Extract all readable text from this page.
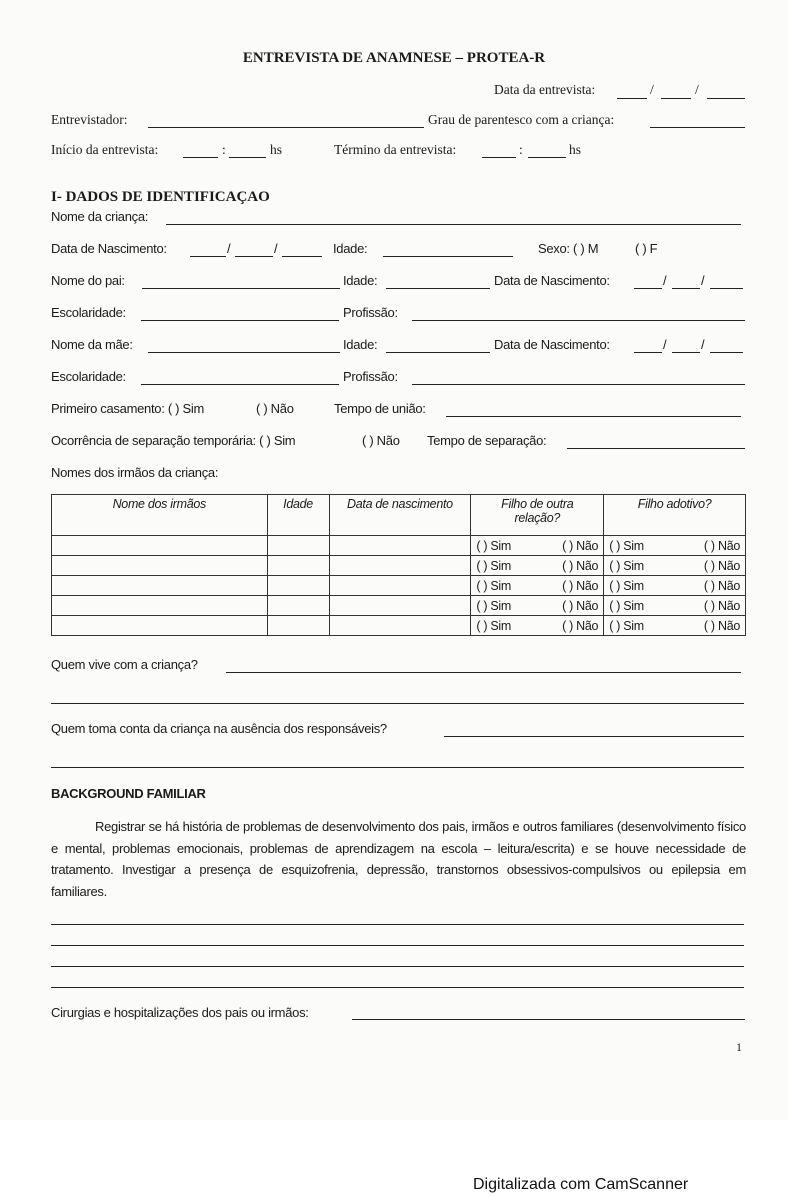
ENTREVISTA DE ANAMNESE – PROTEA-R
Data da entrevista:	/	/
Entrevistador:	Grau de parentesco com a criança:
Início da entrevista:	:	hs	Término da entrevista:	:	hs
I- DADOS DE IDENTIFICAÇAO
Nome da criança:
Data de Nascimento:	/	/	Idade:	Sexo: ( ) M	( ) F
Nome do pai:	Idade:	Data de Nascimento:	/	/
Escolaridade:	Profissão:
Nome da mãe:	Idade:	Data de Nascimento:	/	/
Escolaridade:	Profissão:
Primeiro casamento: ( ) Sim	( ) Não	Tempo de união:
Ocorrência de separação temporária: ( ) Sim	( ) Não Tempo de separação:
Nomes dos irmãos da criança:
Nome dos irmãos	Idade	Data de nascimento	Filho de outra relação?	Filho adotivo?

			( ) Sim ( ) Não	( ) Sim ( ) Não

			( ) Sim ( ) Não	( ) Sim ( ) Não

			( ) Sim ( ) Não	( ) Sim ( ) Não

			( ) Sim ( ) Não	( ) Sim ( ) Não

			( ) Sim ( ) Não	( ) Sim ( ) Não
Quem vive com a criança?
Quem toma conta da criança na ausência dos responsáveis?
BACKGROUND FAMILIAR
Registrar se há história de problemas de desenvolvimento dos pais, irmãos e outros familiares (desenvolvimento físico e mental, problemas emocionais, problemas de aprendizagem na escola – leitura/escrita) e se houve necessidade de tratamento. Investigar a presença de esquizofrenia, depressão, transtornos obsessivos-compulsivos ou epilepsia em familiares.
Cirurgias e hospitalizações dos pais ou irmãos:
1
Digitalizada com CamScanner
